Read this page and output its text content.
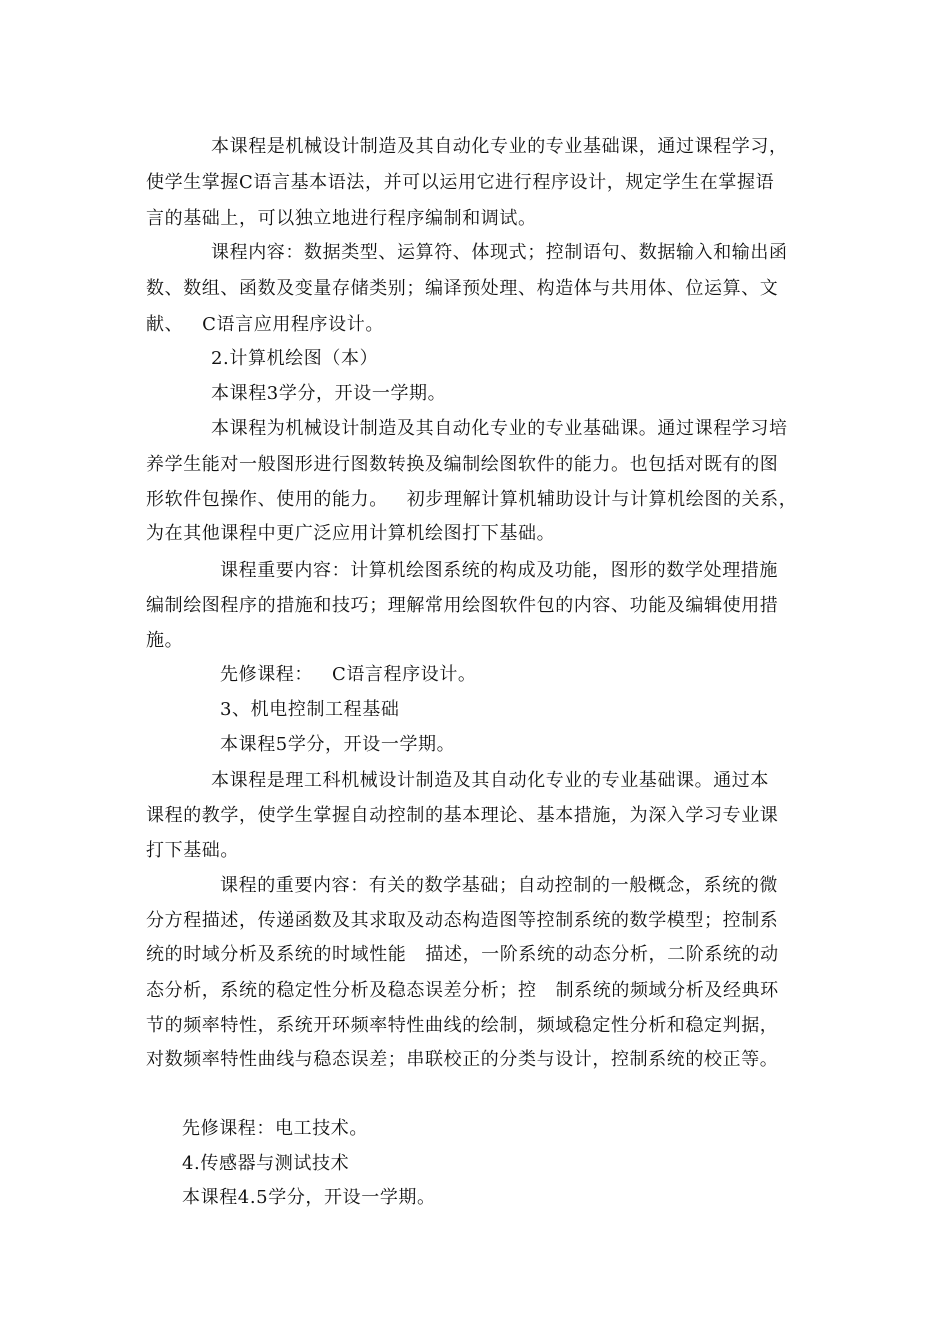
本课程是机械设计制造及其自动化专业的专业基础课，通过课程学习，

使学生掌握C语言基本语法，并可以运用它进行程序设计，规定学生在掌握语

言的基础上，可以独立地进行程序编制和调试。

课程内容：数据类型、运算符、体现式；控制语句、数据输入和输出函

数、数组、函数及变量存储类别；编译预处理、构造体与共用体、位运算、文

献、   C语言应用程序设计。

2.计算机绘图（本）

本课程3学分，开设一学期。

本课程为机械设计制造及其自动化专业的专业基础课。通过课程学习培

养学生能对一般图形进行图数转换及编制绘图软件的能力。也包括对既有的图

形软件包操作、使用的能力。   初步理解计算机辅助设计与计算机绘图的关系，

为在其他课程中更广泛应用计算机绘图打下基础。

课程重要内容：计算机绘图系统的构成及功能，图形的数学处理措施

编制绘图程序的措施和技巧；理解常用绘图软件包的内容、功能及编辑使用措

施。

先修课程：   C语言程序设计。

3、机电控制工程基础

本课程5学分，开设一学期。

本课程是理工科机械设计制造及其自动化专业的专业基础课。通过本

课程的教学，使学生掌握自动控制的基本理论、基本措施，为深入学习专业课

打下基础。

课程的重要内容：有关的数学基础；自动控制的一般概念，系统的微

分方程描述，传递函数及其求取及动态构造图等控制系统的数学模型；控制系

统的时域分析及系统的时域性能   描述，一阶系统的动态分析，二阶系统的动

态分析，系统的稳定性分析及稳态误差分析；控   制系统的频域分析及经典环

节的频率特性，系统开环频率特性曲线的绘制，频域稳定性分析和稳定判据，

对数频率特性曲线与稳态误差；串联校正的分类与设计，控制系统的校正等。

先修课程：电工技术。

4.传感器与测试技术

本课程4.5学分，开设一学期。
